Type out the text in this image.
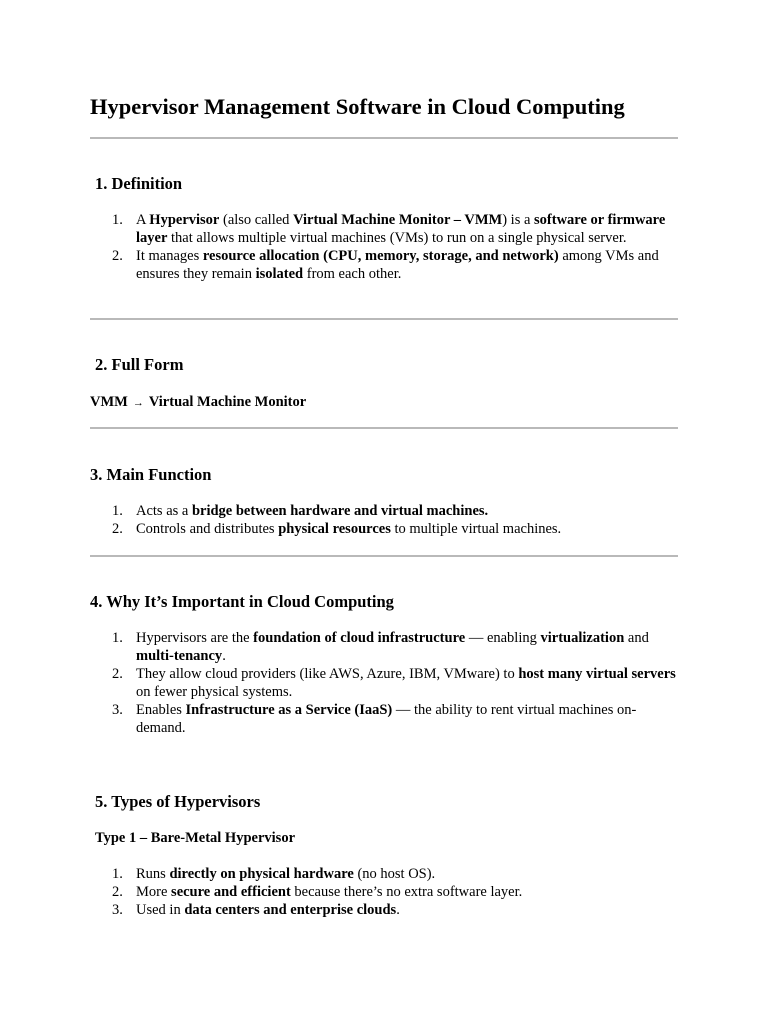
Hypervisor Management Software in Cloud Computing
1. Definition
1. A Hypervisor (also called Virtual Machine Monitor – VMM) is a software or firmware layer that allows multiple virtual machines (VMs) to run on a single physical server.
2. It manages resource allocation (CPU, memory, storage, and network) among VMs and ensures they remain isolated from each other.
2. Full Form

VMM → Virtual Machine Monitor

3. Main Function
1. Acts as a bridge between hardware and virtual machines.
2. Controls and distributes physical resources to multiple virtual machines.
4. Why It’s Important in Cloud Computing
1. Hypervisors are the foundation of cloud infrastructure — enabling virtualization and multi-tenancy.
2. They allow cloud providers (like AWS, Azure, IBM, VMware) to host many virtual servers on fewer physical systems.
3. Enables Infrastructure as a Service (IaaS) — the ability to rent virtual machines on-demand.
5. Types of Hypervisors
Type 1 – Bare-Metal Hypervisor
1. Runs directly on physical hardware (no host OS).
2. More secure and efficient because there’s no extra software layer.
3. Used in data centers and enterprise clouds.
